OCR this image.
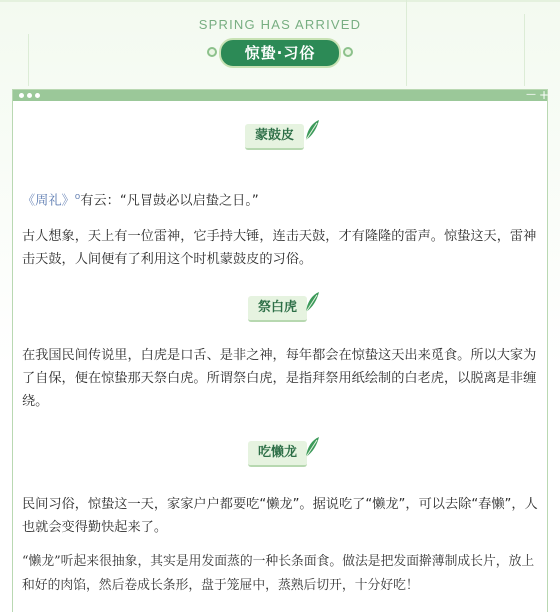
SPRING HAS ARRIVED
惊蛰·习俗
— +
蒙鼓皮

《周礼》$^o$有云：“凡冒鼓必以启蛰之日。”

古人想象，天上有一位雷神，它手持大锤，连击天鼓，才有隆隆的雷声。惊蛰这天，雷神击天鼓，人间便有了利用这个时机蒙鼓皮的习俗。

祭白虎

在我国民间传说里，白虎是口舌、是非之神，每年都会在惊蛰这天出来觅食。所以大家为了自保，便在惊蛰那天祭白虎。所谓祭白虎，是指拜祭用纸绘制的白老虎，以脱离是非缠绕。

吃懒龙

民间习俗，惊蛰这一天，家家户户都要吃“懒龙”。据说吃了“懒龙”，可以去除“春懒”，人也就会变得勤快起来了。

“懒龙”听起来很抽象，其实是用发面蒸的一种长条面食。做法是把发面擀薄制成长片，放上和好的肉馅，然后卷成长条形，盘于笼屉中，蒸熟后切开，十分好吃！
